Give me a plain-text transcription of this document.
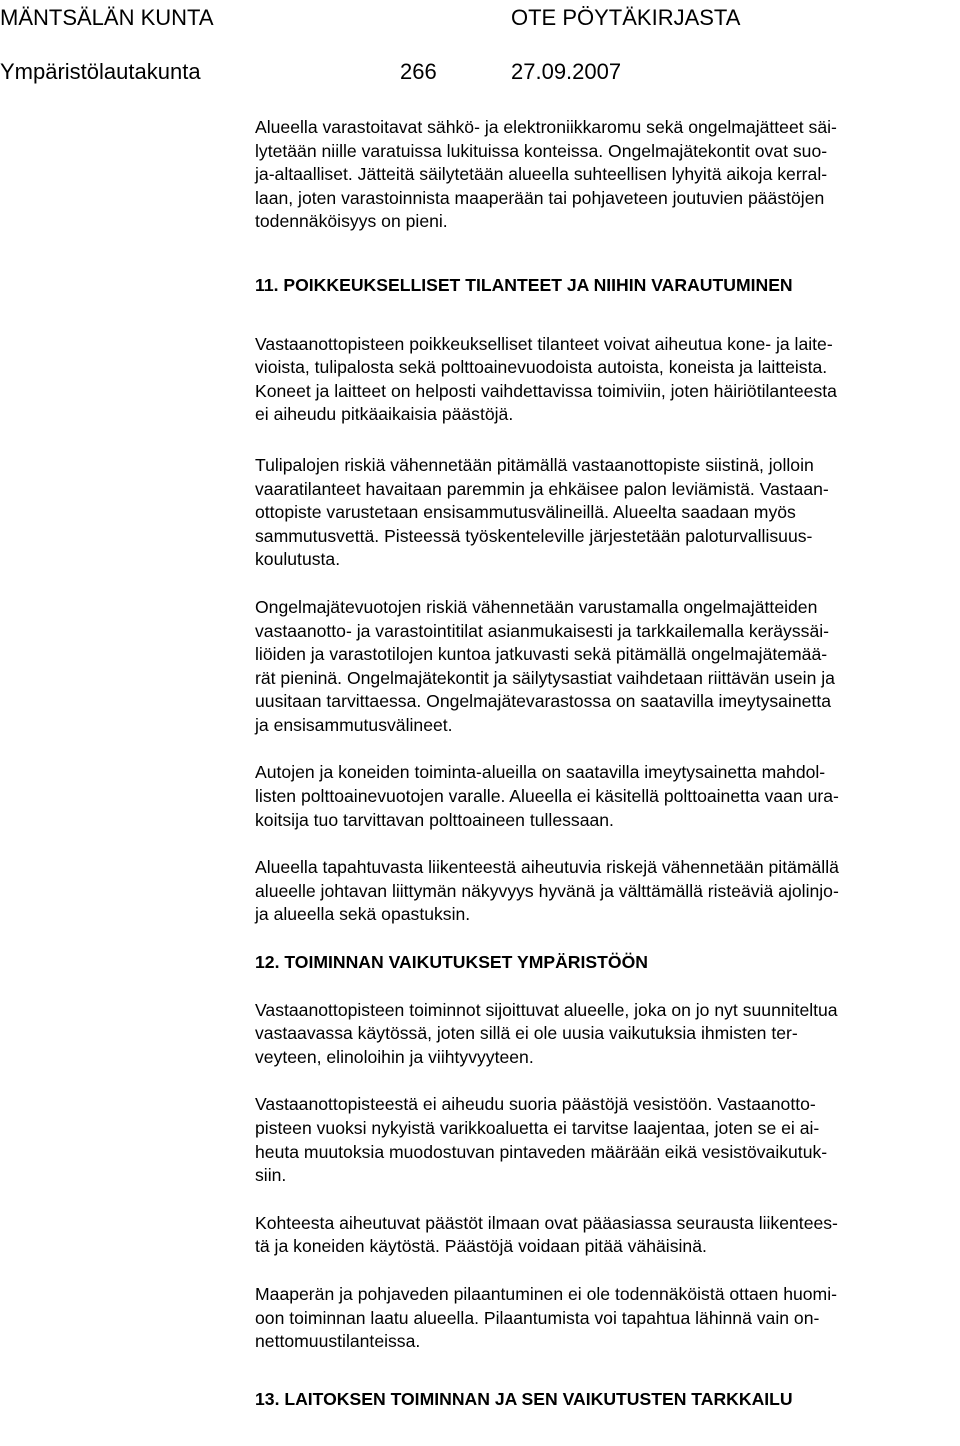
MÄNTSÄLÄN KUNTA	OTE PÖYTÄKIRJASTA
Ympäristölautakunta	266	27.09.2007

Alueella varastoitavat sähkö- ja elektroniikkaromu sekä ongelmajätteet säi-
lytetään niille varatuissa lukituissa konteissa. Ongelmajätekontit ovat suo-
ja-altaalliset. Jätteitä säilytetään alueella suhteellisen lyhyitä aikoja kerral-
laan, joten varastoinnista maaperään tai pohjaveteen joutuvien päästöjen
todennäköisyys on pieni.

11. POIKKEUKSELLISET TILANTEET JA NIIHIN VARAUTUMINEN

Vastaanottopisteen poikkeukselliset tilanteet voivat aiheutua kone- ja laite-
vioista, tulipalosta sekä polttoainevuodoista autoista, koneista ja laitteista.

Koneet ja laitteet on helposti vaihdettavissa toimiviin, joten häiriötilanteesta
ei aiheudu pitkäaikaisia päästöjä.

Tulipalojen riskiä vähennetään pitämällä vastaanottopiste siistinä, jolloin
vaaratilanteet havaitaan paremmin ja ehkäisee palon leviämistä. Vastaan-
ottopiste varustetaan ensisammutusvälineillä. Alueelta saadaan myös
sammutusvettä. Pisteessä työskenteleville järjestetään paloturvallisuus-
koulutusta.

Ongelmajätevuotojen riskiä vähennetään varustamalla ongelmajätteiden
vastaanotto- ja varastointitilat asianmukaisesti ja tarkkailemalla keräyssäi-
liöiden ja varastotilojen kuntoa jatkuvasti sekä pitämällä ongelmajätemää-
rät pieninä. Ongelmajätekontit ja säilytysastiat vaihdetaan riittävän usein ja
uusitaan tarvittaessa. Ongelmajätevarastossa on saatavilla imeytysainetta
ja ensisammutusvälineet.

Autojen ja koneiden toiminta-alueilla on saatavilla imeytysainetta mahdol-
listen polttoainevuotojen varalle. Alueella ei käsitellä polttoainetta vaan ura-
koitsija tuo tarvittavan polttoaineen tullessaan.

Alueella tapahtuvasta liikenteestä aiheutuvia riskejä vähennetään pitämällä
alueelle johtavan liittymän näkyvyys hyvänä ja välttämällä risteäviä ajolinjo-
ja alueella sekä opastuksin.

12. TOIMINNAN VAIKUTUKSET YMPÄRISTÖÖN

Vastaanottopisteen toiminnot sijoittuvat alueelle, joka on jo nyt suunniteltua
vastaavassa käytössä, joten sillä ei ole uusia vaikutuksia ihmisten ter-
veyteen, elinoloihin ja viihtyvyyteen.

Vastaanottopisteestä ei aiheudu suoria päästöjä vesistöön. Vastaanotto-
pisteen vuoksi nykyistä varikkoaluetta ei tarvitse laajentaa, joten se ei ai-
heuta muutoksia muodostuvan pintaveden määrään eikä vesistövaikutuk-
siin.

Kohteesta aiheutuvat päästöt ilmaan ovat pääasiassa seurausta liikentees-
tä ja koneiden käytöstä. Päästöjä voidaan pitää vähäisinä.

Maaperän ja pohjaveden pilaantuminen ei ole todennäköistä ottaen huomi-
oon toiminnan laatu alueella. Pilaantumista voi tapahtua lähinnä vain on-
nettomuustilanteissa.

13. LAITOKSEN TOIMINNAN JA SEN VAIKUTUSTEN TARKKAILU
